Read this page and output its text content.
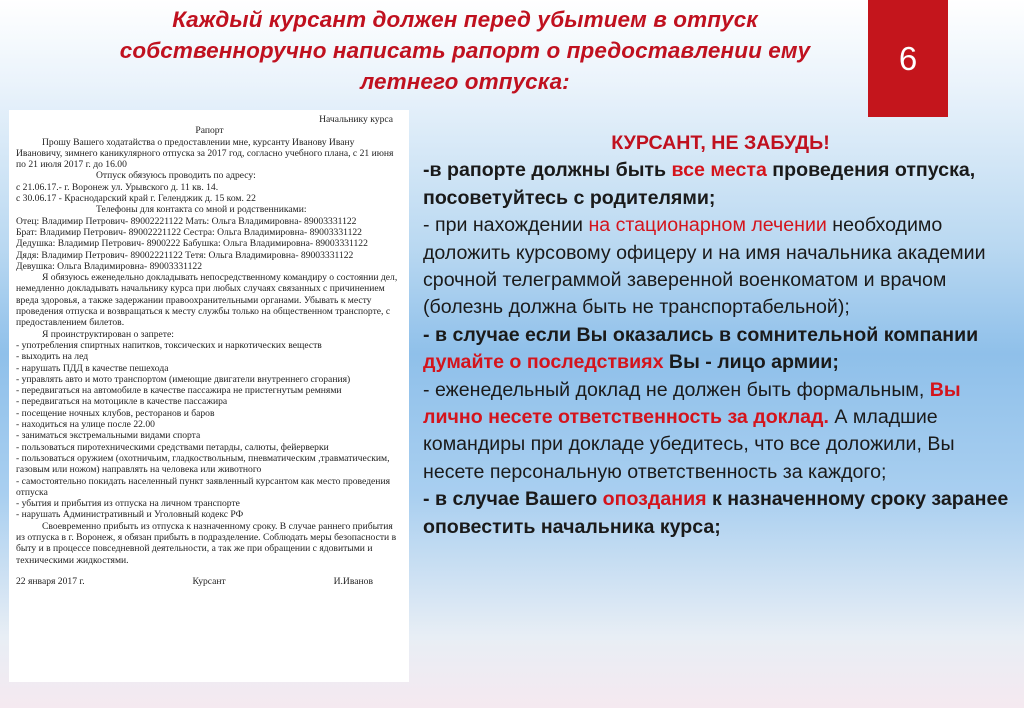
Каждый курсант должен перед убытием в отпуск собственноручно написать рапорт о предоставлении ему летнего отпуска:
6

Начальнику курса

Рапорт

Прошу Вашего ходатайства о предоставлении мне, курсанту Иванову Ивану Ивановичу, зимнего каникулярного отпуска за 2017 год, согласно учебного плана, с 21 июня по 21 июля 2017 г. до 16.00

Отпуск обязуюсь проводить по адресу:

с 21.06.17.- г. Воронеж ул. Урывского д. 11 кв. 14.

с 30.06.17 - Краснодарский край г. Геленджик д. 15 ком. 22

Телефоны для контакта со мной и родственниками:

Отец: Владимир Петрович- 89002221122 Мать: Ольга Владимировна- 89003331122

Брат: Владимир Петрович- 89002221122 Сестра: Ольга Владимировна- 89003331122

Дедушка: Владимир Петрович- 8900222 Бабушка: Ольга Владимировна- 89003331122

Дядя: Владимир Петрович- 89002221122 Тетя: Ольга Владимировна- 89003331122

Девушка: Ольга Владимировна- 89003331122

Я обязуюсь еженедельно докладывать непосредственному командиру о состоянии дел, немедленно докладывать начальнику курса при любых случаях связанных с причинением вреда здоровья, а также задержании правоохранительными органами. Убывать к месту проведения отпуска и возвращаться к месту службы только на общественном транспорте, с предоставлением билетов.

Я проинструктирован о запрете:

- употребления спиртных напитков, токсических и наркотических веществ

- выходить на лед

- нарушать ПДД в качестве пешехода

- управлять авто и мото транспортом (имеющие двигатели внутреннего сгорания)

- передвигаться на автомобиле в качестве пассажира не пристегнутым ремнями

- передвигаться на мотоцикле в качестве пассажира

- посещение ночных клубов, ресторанов и баров

- находиться на улице после 22.00

- заниматься экстремальными видами спорта

- пользоваться пиротехническими средствами петарды, салюты, фейерверки

- пользоваться оружием (охотничьим, гладкоствольным, пневматическим ,травматическим, газовым или ножом) направлять на человека или животного

- самостоятельно покидать населенный пункт заявленный курсантом как место проведения отпуска

- убытия и прибытия из отпуска на личном транспорте

- нарушать Административный и Уголовный кодекс РФ

Своевременно прибыть из отпуска к назначенному сроку. В случае раннего прибытия из отпуска в г. Воронеж, я обязан прибыть в подразделение. Соблюдать меры безопасности в быту и в процессе повседневной деятельности, а так же при обращении с ядовитыми и техническими жидкостями.

22 января 2017 г.	Курсант	И.Иванов

КУРСАНТ, НЕ ЗАБУДЬ!

-в рапорте должны быть все места проведения отпуска, посоветуйтесь с родителями;

- при нахождении на стационарном лечении необходимо доложить курсовому офицеру и на имя начальника академии срочной телеграммой заверенной военкоматом и врачом (болезнь должна быть не транспортабельной);

- в случае если Вы оказались в сомнительной компании думайте о последствиях Вы - лицо армии;

- еженедельный доклад не должен быть формальным, Вы лично несете ответственность за доклад. А младшие командиры при докладе убедитесь, что все доложили, Вы несете персональную ответственность за каждого;

- в случае Вашего опоздания к назначенному сроку заранее оповестить начальника курса;
